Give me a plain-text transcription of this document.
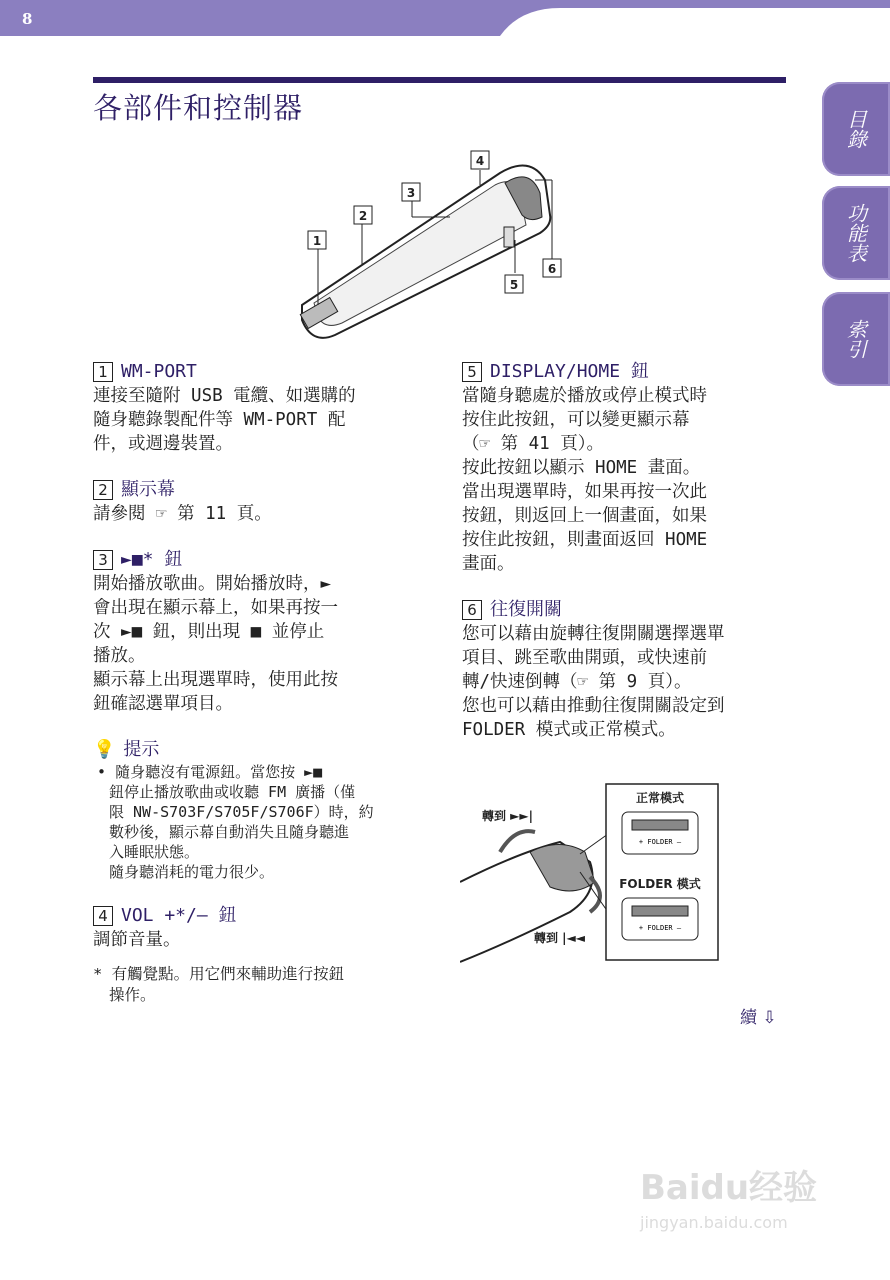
8
各部件和控制器
目錄
功能表
索引
1
2
3
4
5
6
1 WM-PORT
連接至隨附 USB 電纜、如選購的
隨身聽錄製配件等 WM-PORT 配
件，或週邊裝置。
2 顯示幕
請參閱 ☞ 第 11 頁。
3 ►■* 鈕
開始播放歌曲。開始播放時，►
會出現在顯示幕上，如果再按一
次 ►■ 鈕，則出現 ■ 並停止
播放。
顯示幕上出現選單時，使用此按
鈕確認選單項目。
💡 提示
• 隨身聽沒有電源鈕。當您按 ►■
鈕停止播放歌曲或收聽 FM 廣播（僅
限 NW-S703F/S705F/S706F）時，約
數秒後，顯示幕自動消失且隨身聽進
入睡眠狀態。
隨身聽消耗的電力很少。
4 VOL +*/– 鈕
調節音量。
* 有觸覺點。用它們來輔助進行按鈕
操作。
5 DISPLAY/HOME 鈕
當隨身聽處於播放或停止模式時
按住此按鈕，可以變更顯示幕
（☞ 第 41 頁）。
按此按鈕以顯示 HOME 畫面。
當出現選單時，如果再按一次此
按鈕，則返回上一個畫面，如果
按住此按鈕，則畫面返回 HOME
畫面。
6 往復開關
您可以藉由旋轉往復開關選擇選單
項目、跳至歌曲開頭，或快速前
轉/快速倒轉（☞ 第 9 頁）。
您也可以藉由推動往復開關設定到
FOLDER 模式或正常模式。
正常模式
+ FOLDER –
FOLDER 模式
+ FOLDER –
轉到 ►►|
轉到 |◄◄
續 ⇩
Baidu经验
jingyan.baidu.com
